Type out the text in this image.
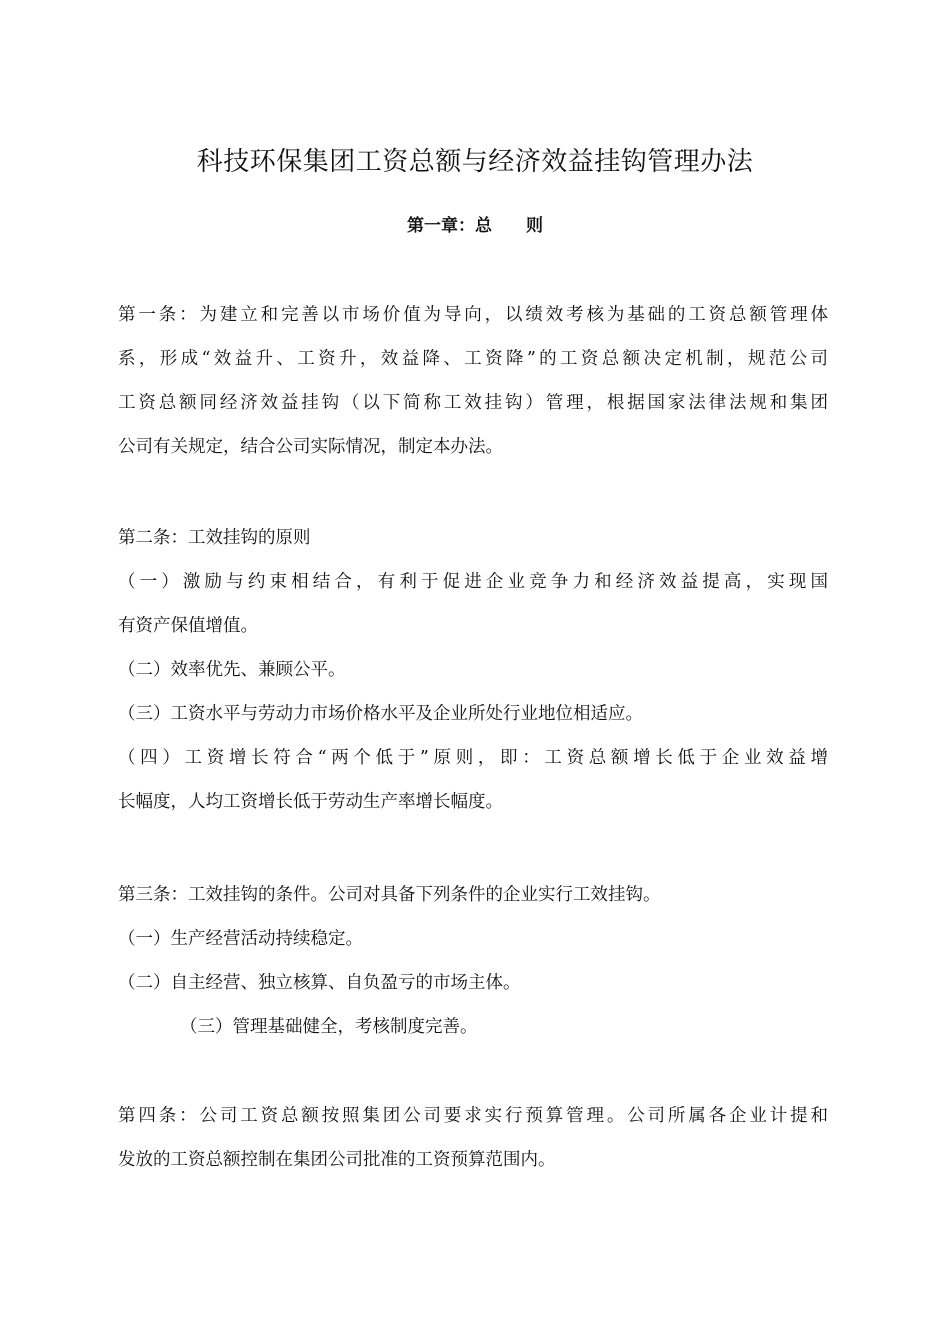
科技环保集团工资总额与经济效益挂钩管理办法
第一章：总　　则
第一条：为建立和完善以市场价值为导向，以绩效考核为基础的工资总额管理体
系，形成“效益升、工资升，效益降、工资降”的工资总额决定机制，规范公司
工资总额同经济效益挂钩（以下简称工效挂钩）管理，根据国家法律法规和集团
公司有关规定，结合公司实际情况，制定本办法。
第二条：工效挂钩的原则
（一）激励与约束相结合，有利于促进企业竞争力和经济效益提高，实现国
有资产保值增值。
（二）效率优先、兼顾公平。
（三）工资水平与劳动力市场价格水平及企业所处行业地位相适应。
（四）工资增长符合“两个低于”原则，即：工资总额增长低于企业效益增
长幅度，人均工资增长低于劳动生产率增长幅度。
第三条：工效挂钩的条件。公司对具备下列条件的企业实行工效挂钩。
（一）生产经营活动持续稳定。
（二）自主经营、独立核算、自负盈亏的市场主体。
（三）管理基础健全，考核制度完善。
第四条：公司工资总额按照集团公司要求实行预算管理。公司所属各企业计提和
发放的工资总额控制在集团公司批准的工资预算范围内。
